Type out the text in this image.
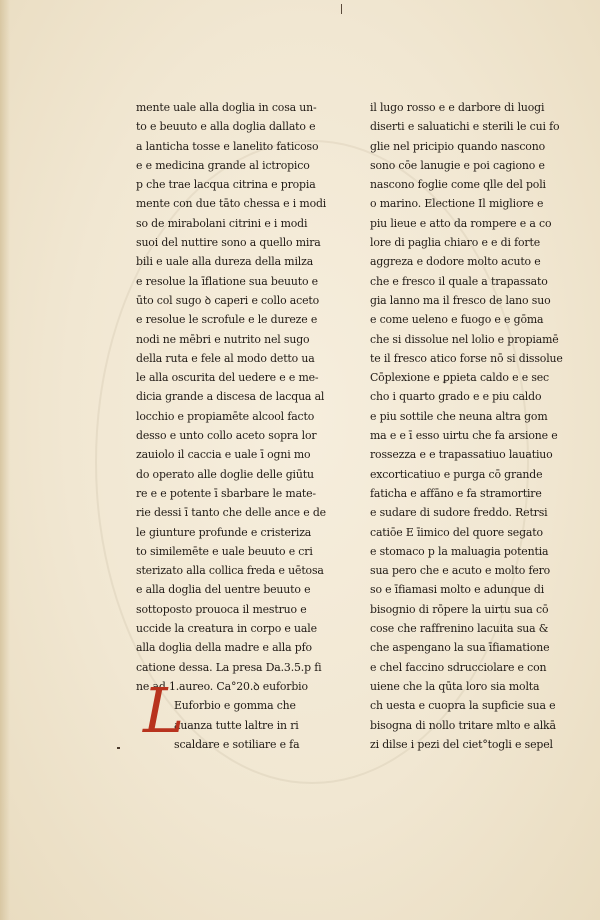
mente uale alla doglia in cosa un‐
to e beuuto e alla doglia dallato e
a lanticha tosse e lanelito faticoso
e e medicina grande al ictropico
p che trae lacqua citrina e propia
mente con due tāto chessa e i modi
so de mirabolani citrini e i modi
suoi del nuttire sono a quello mira
bili e uale alla dureza della milza
e resolue la īflatione sua beuuto e
ūto col sugo ꝺ caperi e collo aceto
e resolue le scrofule e le dureze e
nodi ne mēbri e nutrito nel sugo
della ruta e fele al modo detto ua
le alla oscurita del uedere e e me‐
dicia grande a discesa de lacqua al
locchio e propiamēte alcool facto
desso e unto collo aceto sopra lor
zauiolo il caccia e uale ī ogni mo
do operato alle doglie delle giūtu
re e e potente ī sbarbare le mate‐
rie dessi ī tanto che delle ance e de
le giunture profunde e cristeriza
to similemēte e uale beuuto e cri
sterizato alla collica freda e uētosa
e alla doglia del uentre beuuto e
sottoposto prouoca il mestruo e
uccide la creatura in corpo e uale
alla doglia della madre e alla pfo
catione dessa. La presa Da.3.5.p fi
ne ad.1.aureo. Ca°20.ꝺ euforbio
Euforbio e gomma che
auanza tutte laltre in ri
scaldare e sotiliare e fa
L
il lugo rosso e e darbore di luogi
diserti e saluatichi e sterili le cui fo
glie nel pricipio quando nascono
sono cōe lanugie e poi cagiono e
nascono foglie come qlle del poli
o marino. Electione Il migliore e
piu lieue e atto da rompere e a co
lore di paglia chiaro e e di forte
aggreza e dodore molto acuto e
che e fresco il quale a trapassato
gia lanno ma il fresco de lano suo
e come ueleno e fuogo e e gōma
che si dissolue nel lolio e propiamē
te il fresco atico forse nō si dissolue
Cōplexione e ꝑpieta caldo e e sec
cho i quarto grado e e piu caldo
e piu sottile che neuna altra gom
ma e e ī esso uirtu che fa arsione e
rossezza e e trapassatiuo lauatiuo
excorticatiuo e purga cō grande
faticha e affāno e fa stramortire
e sudare di sudore freddo. Retrsi
catiōe E īimico del quore segato
e stomaco p la maluagia potentia
sua pero che e acuto e molto fero
so e īfiamasi molto e adunque di
bisognio di rōpere la uirtu sua cō
cose che raffrenino lacuita sua &
che aspengano la sua īfiamatione
e chel faccino sdrucciolare e con
uiene che la qūta loro sia molta
ch uesta e cuopra la supficie sua e
bisogna di nollo tritare mlto e alkā
zi dilse i pezi del ciet°togli e sepel
